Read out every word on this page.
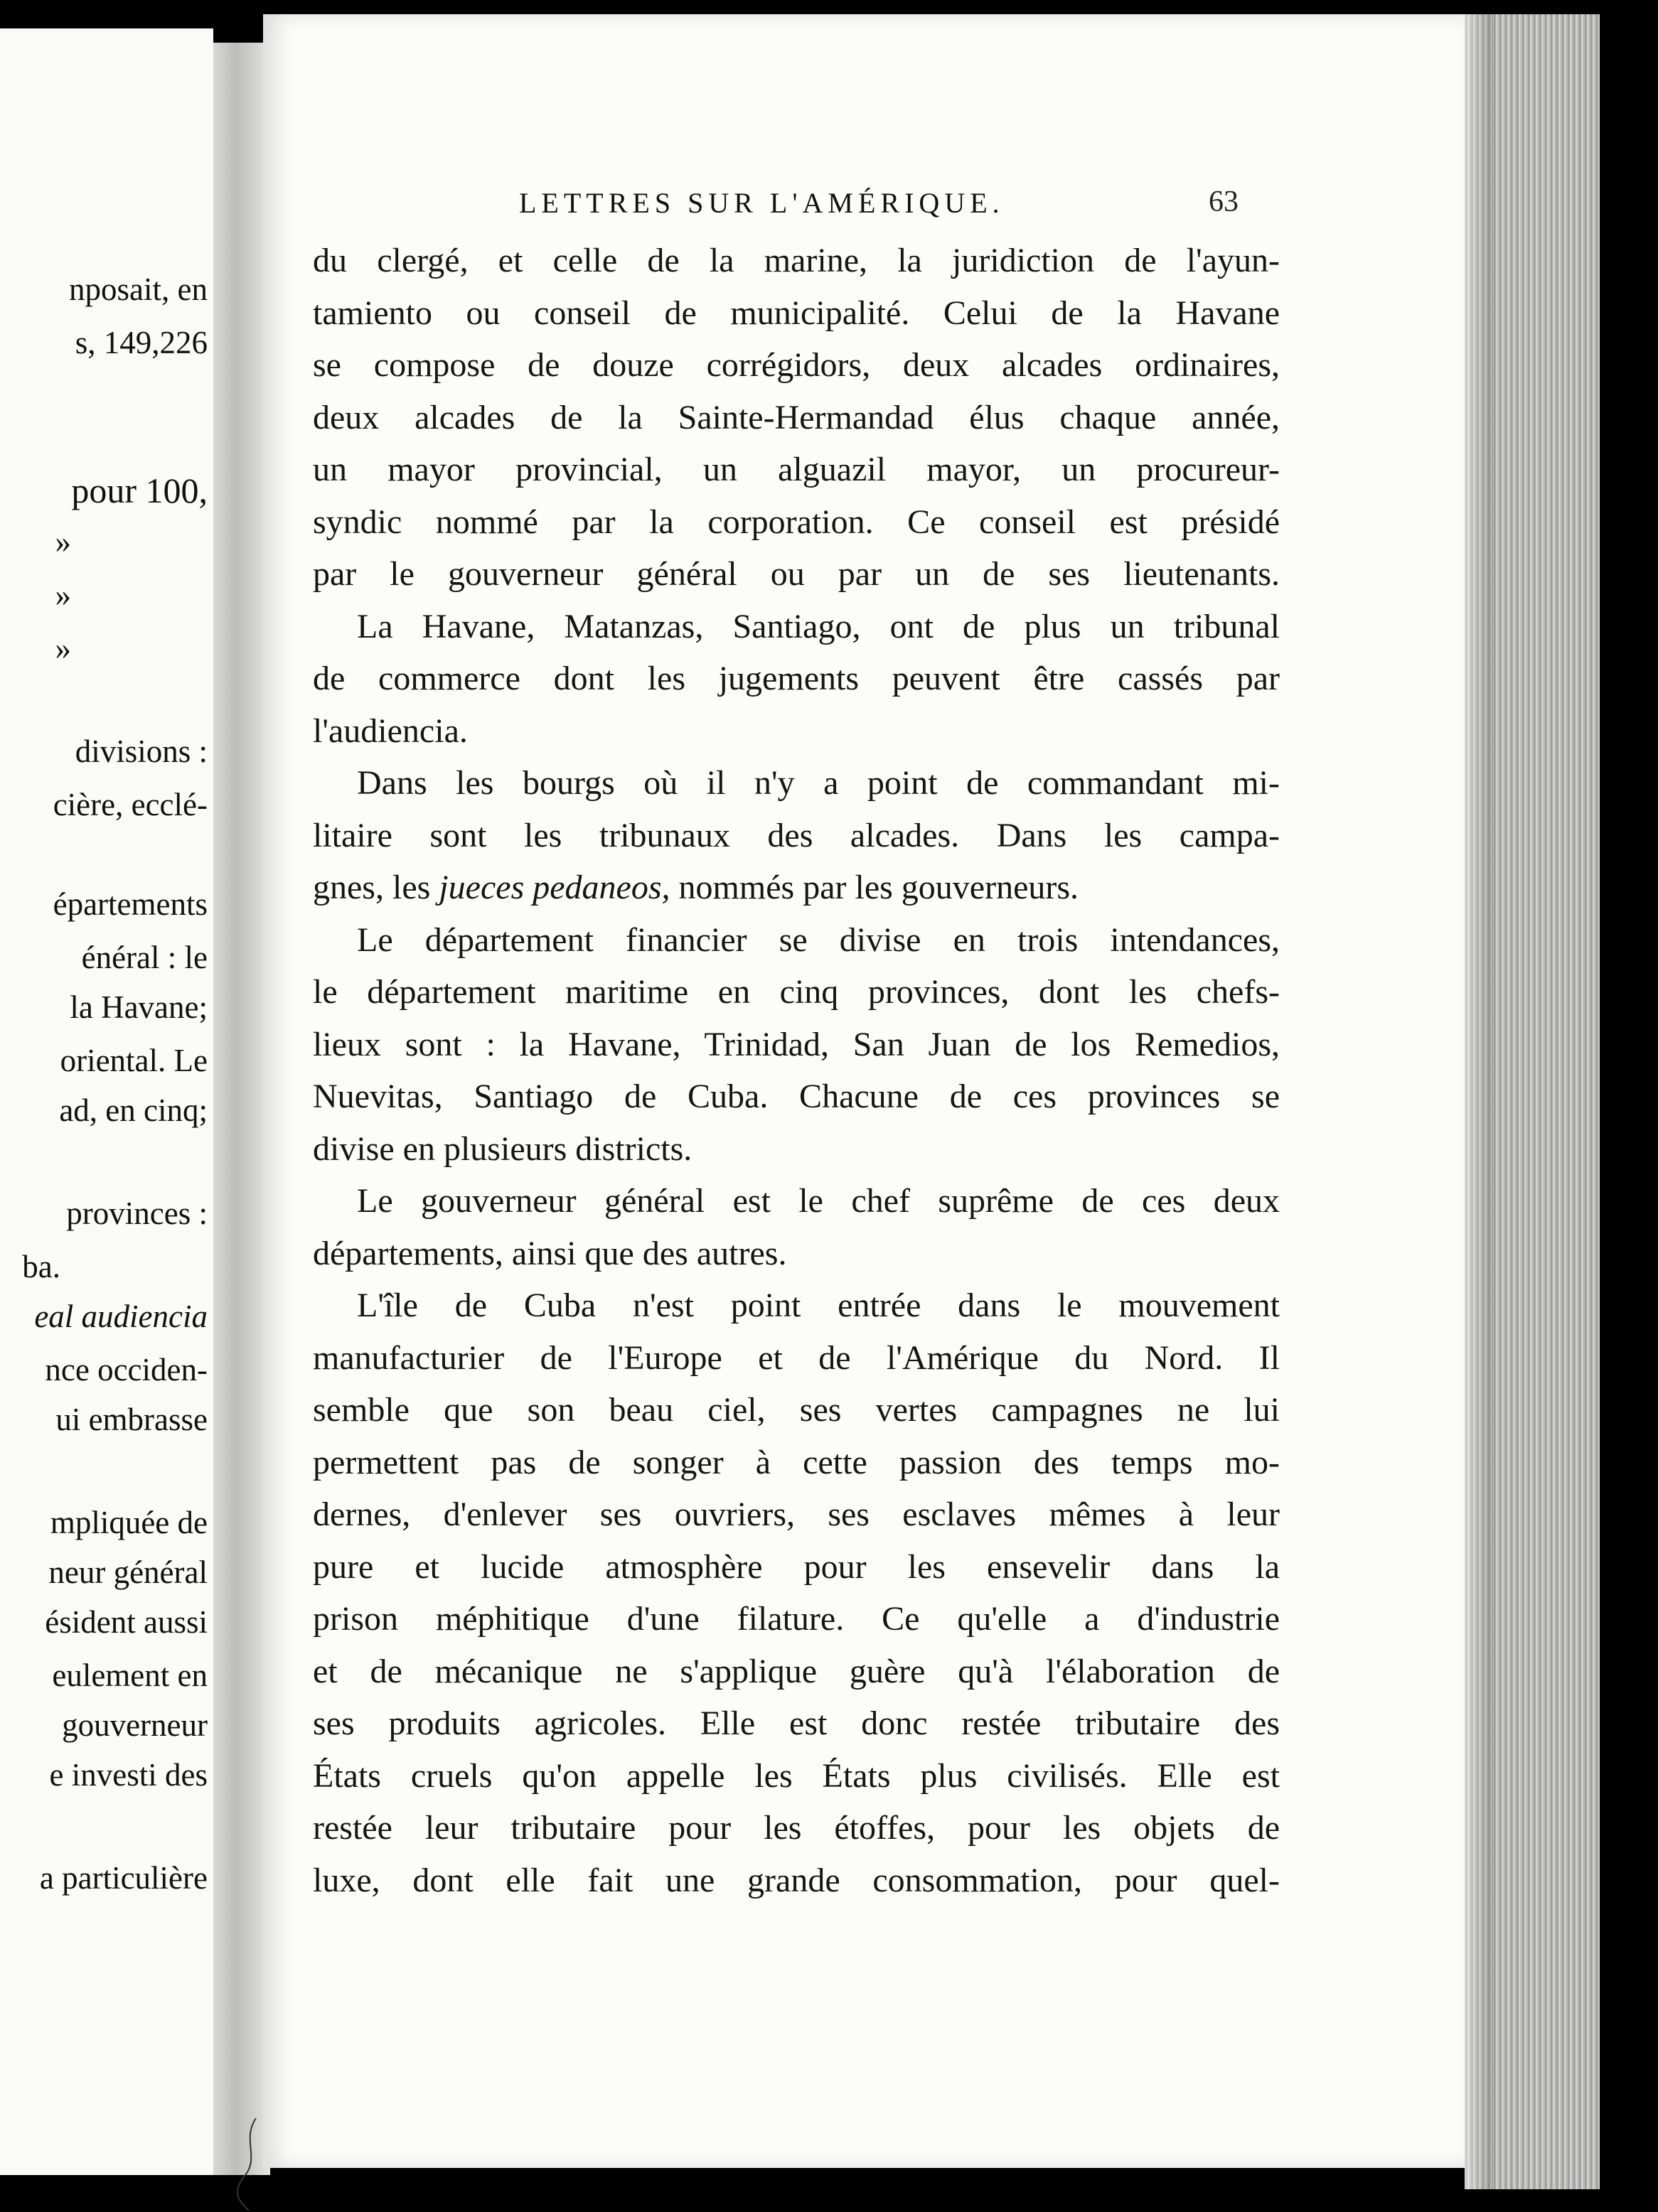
nposait, en
s, 149,226
pour 100,
»
»
»
divisions :
cière, ecclé-
épartements
énéral : le
la Havane;
oriental. Le
ad, en cinq;
provinces :
ba.
eal audiencia
nce occiden-
ui embrasse
mpliquée de
neur général
ésident aussi
eulement en
gouverneur
e investi des
a particulière
LETTRES SUR L'AMÉRIQUE.	63
du clergé, et celle de la marine, la juridiction de l'ayun-
tamiento ou conseil de municipalité. Celui de la Havane
se compose de douze corrégidors, deux alcades ordinaires,
deux alcades de la Sainte-Hermandad élus chaque année,
un mayor provincial, un alguazil mayor, un procureur-
syndic nommé par la corporation. Ce conseil est présidé
par le gouverneur général ou par un de ses lieutenants.
La Havane, Matanzas, Santiago, ont de plus un tribunal
de commerce dont les jugements peuvent être cassés par
l'audiencia.
Dans les bourgs où il n'y a point de commandant mi-
litaire sont les tribunaux des alcades. Dans les campa-
gnes, les jueces pedaneos, nommés par les gouverneurs.
Le département financier se divise en trois intendances,
le département maritime en cinq provinces, dont les chefs-
lieux sont : la Havane, Trinidad, San Juan de los Remedios,
Nuevitas, Santiago de Cuba. Chacune de ces provinces se
divise en plusieurs districts.
Le gouverneur général est le chef suprême de ces deux
départements, ainsi que des autres.
L'île de Cuba n'est point entrée dans le mouvement
manufacturier de l'Europe et de l'Amérique du Nord. Il
semble que son beau ciel, ses vertes campagnes ne lui
permettent pas de songer à cette passion des temps mo-
dernes, d'enlever ses ouvriers, ses esclaves mêmes à leur
pure et lucide atmosphère pour les ensevelir dans la
prison méphitique d'une filature. Ce qu'elle a d'industrie
et de mécanique ne s'applique guère qu'à l'élaboration de
ses produits agricoles. Elle est donc restée tributaire des
États cruels qu'on appelle les États plus civilisés. Elle est
restée leur tributaire pour les étoffes, pour les objets de
luxe, dont elle fait une grande consommation, pour quel-
